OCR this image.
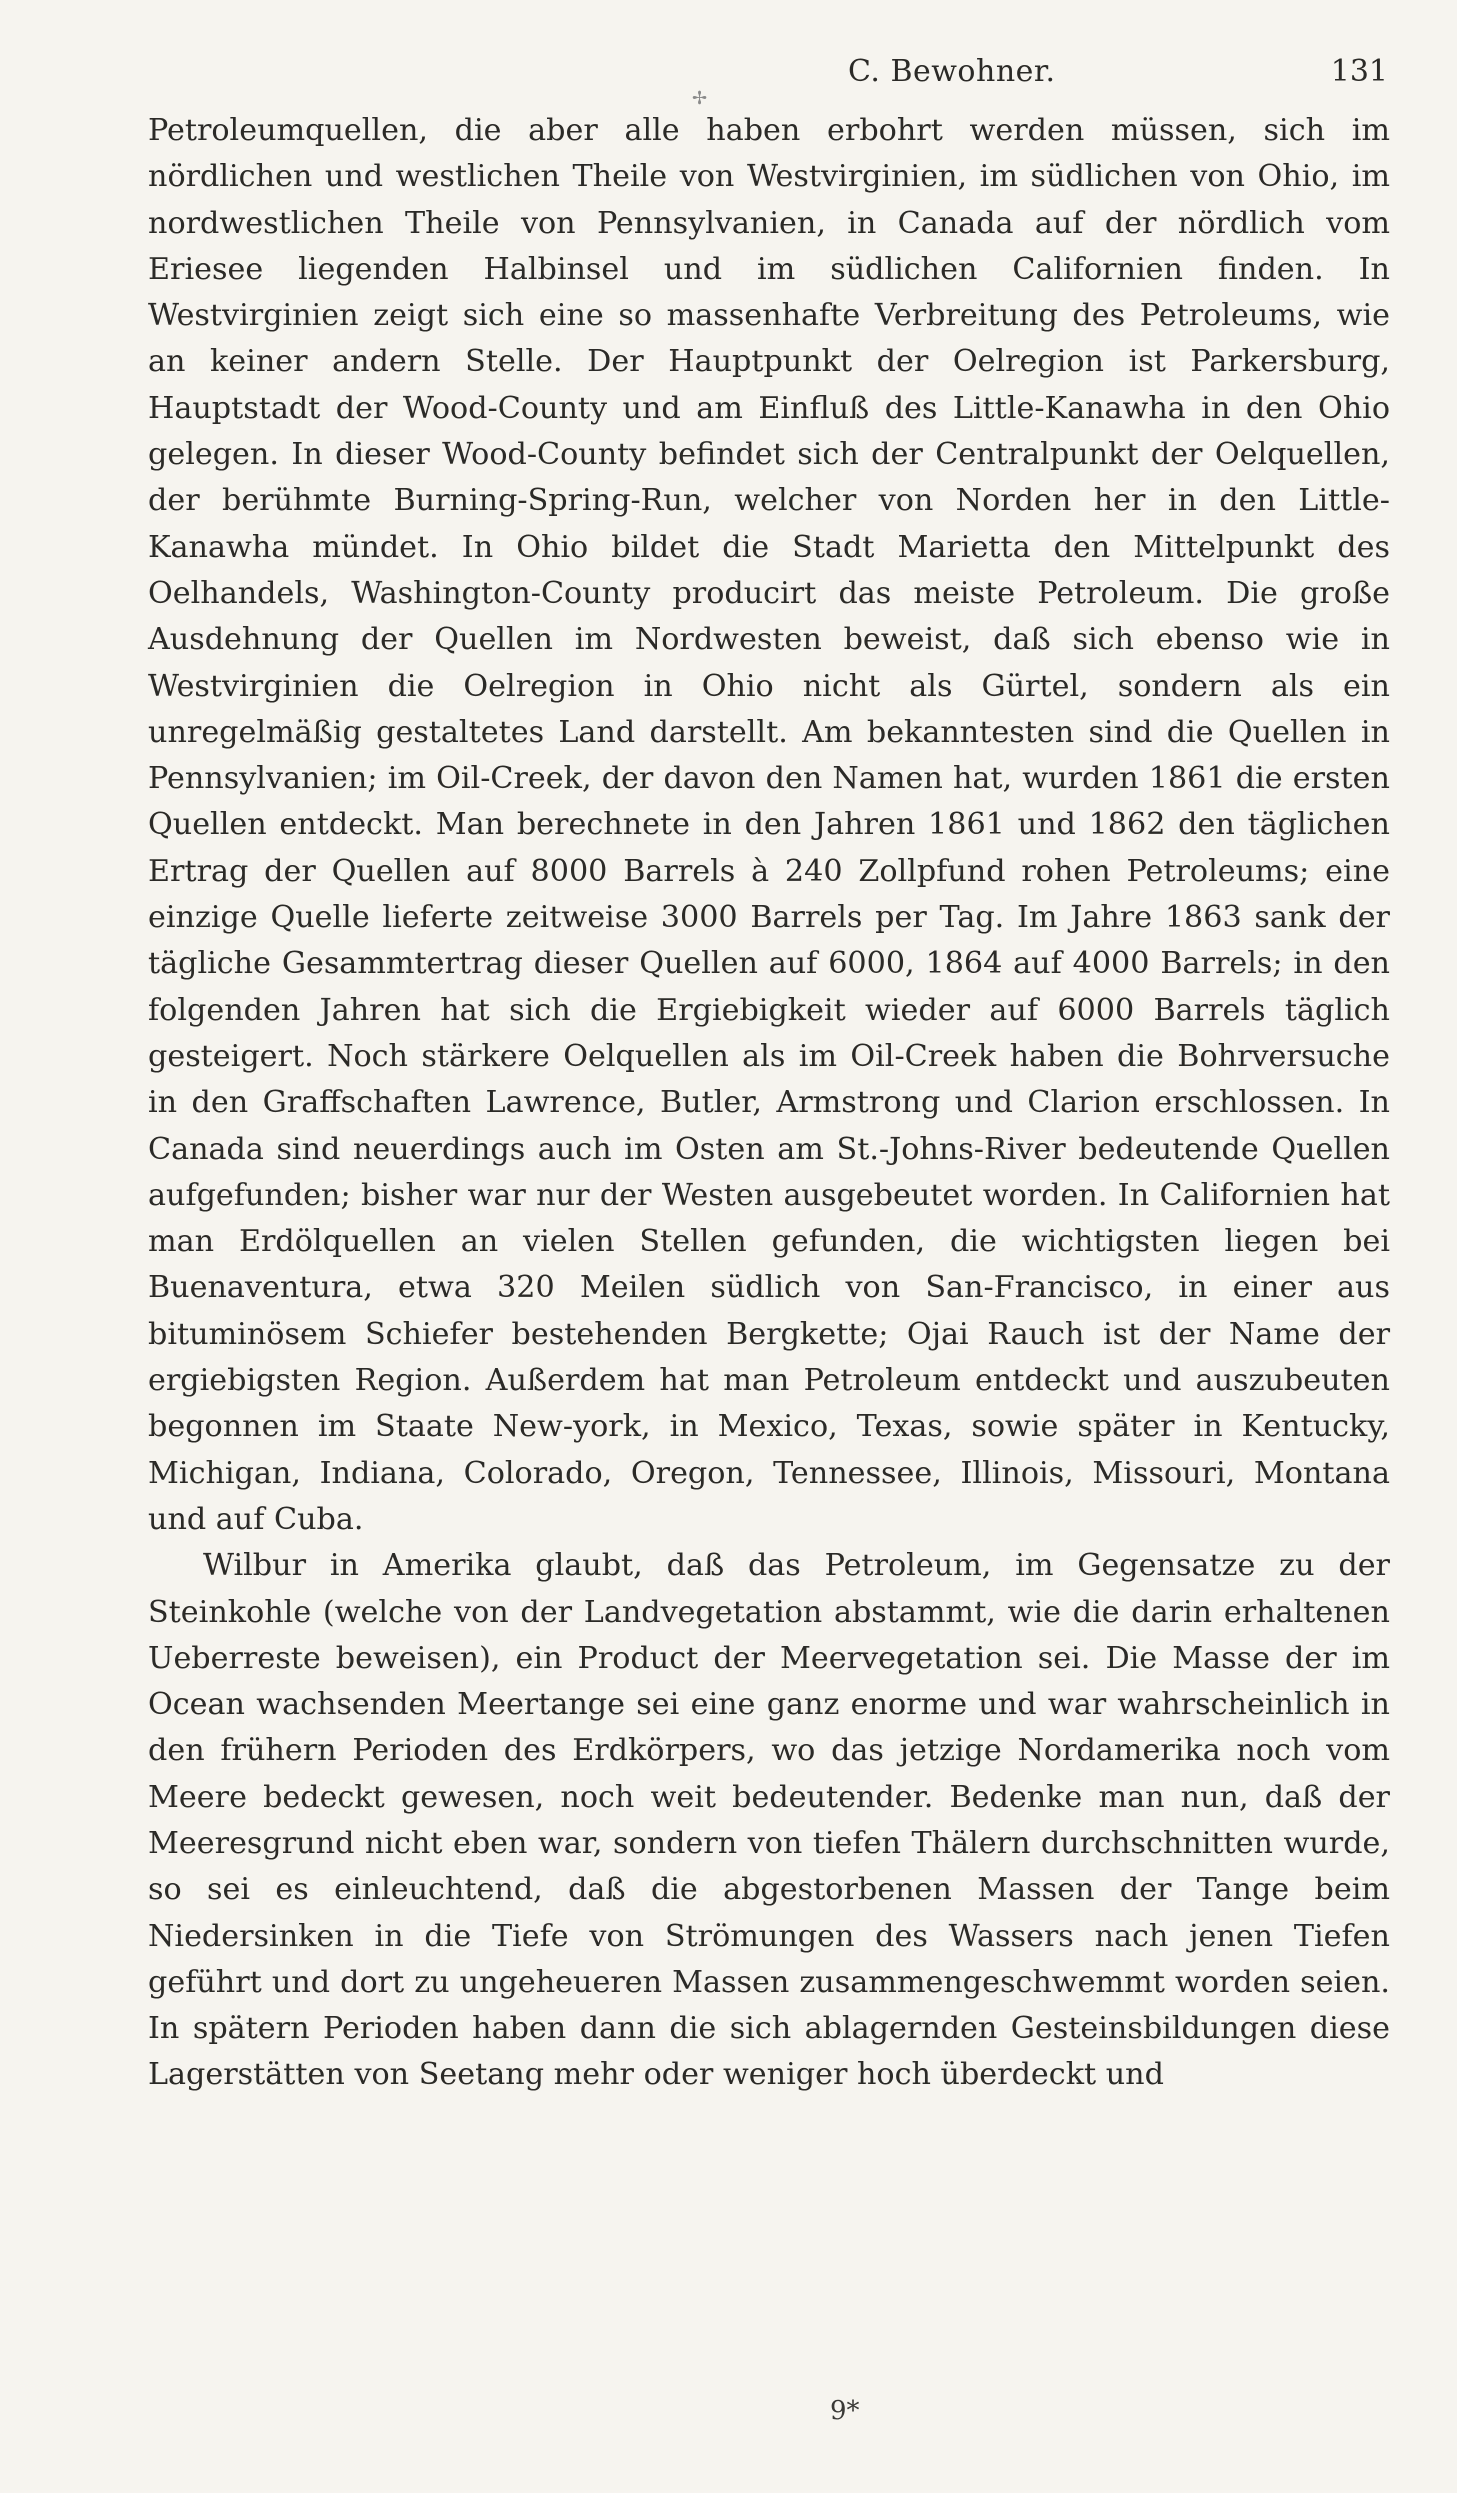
✢
C. Bewohner.	131

Petroleumquellen, die aber alle haben erbohrt werden müssen, sich im nördlichen und westlichen Theile von Westvirginien, im südlichen von Ohio, im nordwestlichen Theile von Pennsylvanien, in Canada auf der nördlich vom Eriesee liegenden Halbinsel und im südlichen Californien finden. In Westvirginien zeigt sich eine so massenhafte Verbreitung des Petroleums, wie an keiner andern Stelle. Der Hauptpunkt der Oelregion ist Parkersburg, Hauptstadt der Wood-County und am Einfluß des Little-Kanawha in den Ohio gelegen. In dieser Wood-County befindet sich der Centralpunkt der Oelquellen, der berühmte Burning-Spring-Run, welcher von Norden her in den Little-Kanawha mündet. In Ohio bildet die Stadt Marietta den Mittelpunkt des Oelhandels, Washington-County producirt das meiste Petroleum. Die große Ausdehnung der Quellen im Nordwesten beweist, daß sich ebenso wie in Westvirginien die Oelregion in Ohio nicht als Gürtel, sondern als ein unregelmäßig gestaltetes Land darstellt. Am bekanntesten sind die Quellen in Pennsylvanien; im Oil-Creek, der davon den Namen hat, wurden 1861 die ersten Quellen entdeckt. Man berechnete in den Jahren 1861 und 1862 den täglichen Ertrag der Quellen auf 8000 Barrels à 240 Zollpfund rohen Petroleums; eine einzige Quelle lieferte zeitweise 3000 Barrels per Tag. Im Jahre 1863 sank der tägliche Gesammtertrag dieser Quellen auf 6000, 1864 auf 4000 Barrels; in den folgenden Jahren hat sich die Ergiebigkeit wieder auf 6000 Barrels täglich gesteigert. Noch stärkere Oelquellen als im Oil-Creek haben die Bohrversuche in den Graffschaften Lawrence, Butler, Armstrong und Clarion erschlossen. In Canada sind neuerdings auch im Osten am St.-Johns-River bedeutende Quellen aufgefunden; bisher war nur der Westen ausgebeutet worden. In Californien hat man Erdölquellen an vielen Stellen gefunden, die wichtigsten liegen bei Buenaventura, etwa 320 Meilen südlich von San-Francisco, in einer aus bituminösem Schiefer bestehenden Bergkette; Ojai Rauch ist der Name der ergiebigsten Region. Außerdem hat man Petroleum entdeckt und auszubeuten begonnen im Staate New-york, in Mexico, Texas, sowie später in Kentucky, Michigan, Indiana, Colorado, Oregon, Tennessee, Illinois, Missouri, Montana und auf Cuba.

Wilbur in Amerika glaubt, daß das Petroleum, im Gegensatze zu der Steinkohle (welche von der Landvegetation abstammt, wie die darin erhaltenen Ueberreste beweisen), ein Product der Meervegetation sei. Die Masse der im Ocean wachsenden Meertange sei eine ganz enorme und war wahrscheinlich in den frühern Perioden des Erdkörpers, wo das jetzige Nordamerika noch vom Meere bedeckt gewesen, noch weit bedeutender. Bedenke man nun, daß der Meeresgrund nicht eben war, sondern von tiefen Thälern durchschnitten wurde, so sei es einleuchtend, daß die abgestorbenen Massen der Tange beim Niedersinken in die Tiefe von Strömungen des Wassers nach jenen Tiefen geführt und dort zu ungeheueren Massen zusammengeschwemmt worden seien. In spätern Perioden haben dann die sich ablagernden Gesteinsbildungen diese Lagerstätten von Seetang mehr oder weniger hoch überdeckt und

9*
